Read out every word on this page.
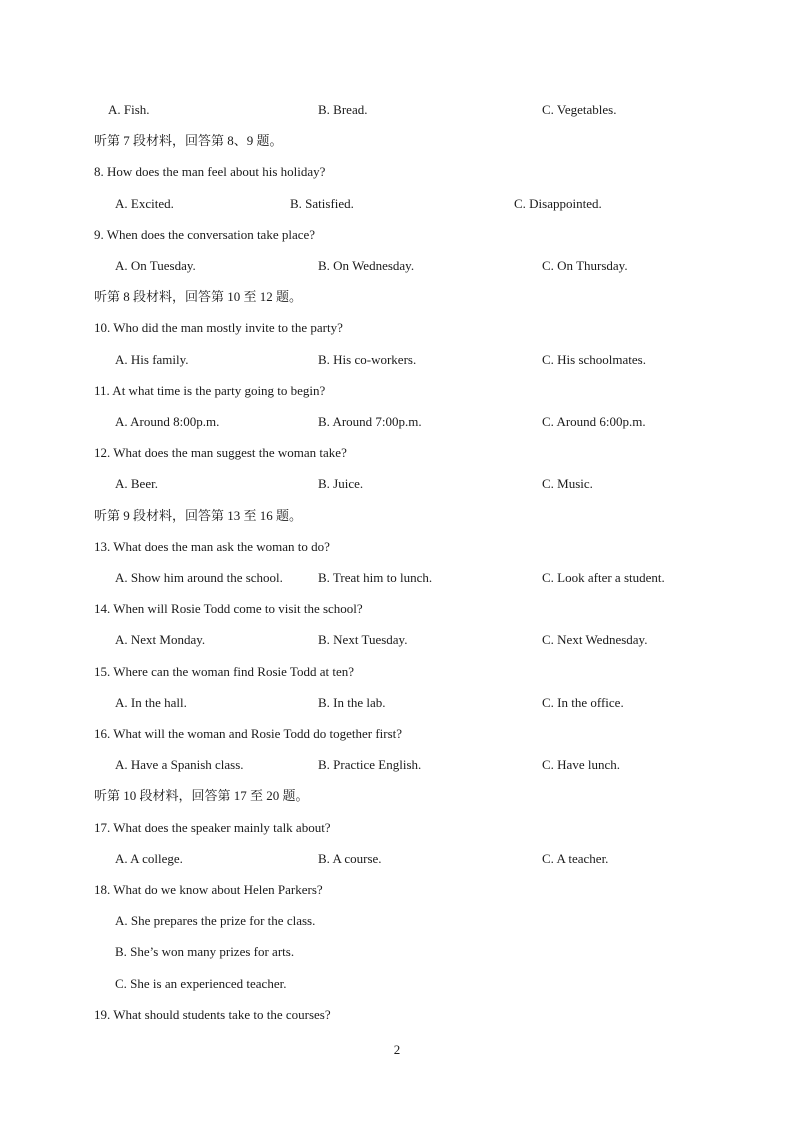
A. Fish.	B. Bread.	C. Vegetables.
听第 7 段材料，回答第 8、9 题。
8. How does the man feel about his holiday?
A. Excited.	B. Satisfied.	C. Disappointed.
9. When does the conversation take place?
A. On Tuesday.	B. On Wednesday.	C. On Thursday.
听第 8 段材料，回答第 10 至 12 题。
10. Who did the man mostly invite to the party?
A. His family.	B. His co-workers.	C. His schoolmates.
11. At what time is the party going to begin?
A. Around 8:00p.m.	B. Around 7:00p.m.	C. Around 6:00p.m.
12. What does the man suggest the woman take?
A. Beer.	B. Juice.	C. Music.
听第 9 段材料，回答第 13 至 16 题。
13. What does the man ask the woman to do?
A. Show him around the school.	B. Treat him to lunch.	C. Look after a student.
14. When will Rosie Todd come to visit the school?
A. Next Monday.	B. Next Tuesday.	C. Next Wednesday.
15. Where can the woman find Rosie Todd at ten?
A. In the hall.	B. In the lab.	C. In the office.
16. What will the woman and Rosie Todd do together first?
A. Have a Spanish class.	B. Practice English.	C. Have lunch.
听第 10 段材料，回答第 17 至 20 题。
17. What does the speaker mainly talk about?
A. A college.	B. A course.	C. A teacher.
18. What do we know about Helen Parkers?
A. She prepares the prize for the class.
B. She’s won many prizes for arts.
C. She is an experienced teacher.
19. What should students take to the courses?
2
